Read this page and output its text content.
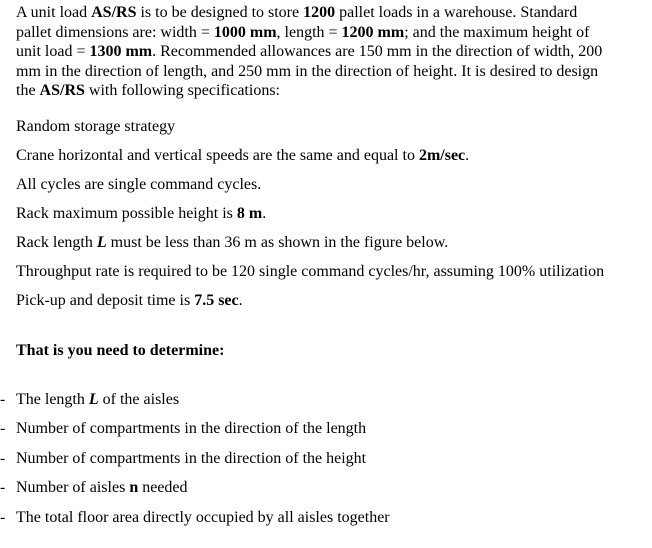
A unit load AS/RS is to be designed to store 1200 pallet loads in a warehouse. Standard
pallet dimensions are: width = 1000 mm, length = 1200 mm; and the maximum height of
unit load = 1300 mm. Recommended allowances are 150 mm in the direction of width, 200
mm in the direction of length, and 250 mm in the direction of height. It is desired to design
the AS/RS with following specifications:
Random storage strategy
Crane horizontal and vertical speeds are the same and equal to 2m/sec.
All cycles are single command cycles.
Rack maximum possible height is 8 m.
Rack length L must be less than 36 m as shown in the figure below.
Throughput rate is required to be 120 single command cycles/hr, assuming 100% utilization
Pick-up and deposit time is 7.5 sec.
That is you need to determine:
- The length L of the aisles
- Number of compartments in the direction of the length
- Number of compartments in the direction of the height
- Number of aisles n needed
- The total floor area directly occupied by all aisles together
